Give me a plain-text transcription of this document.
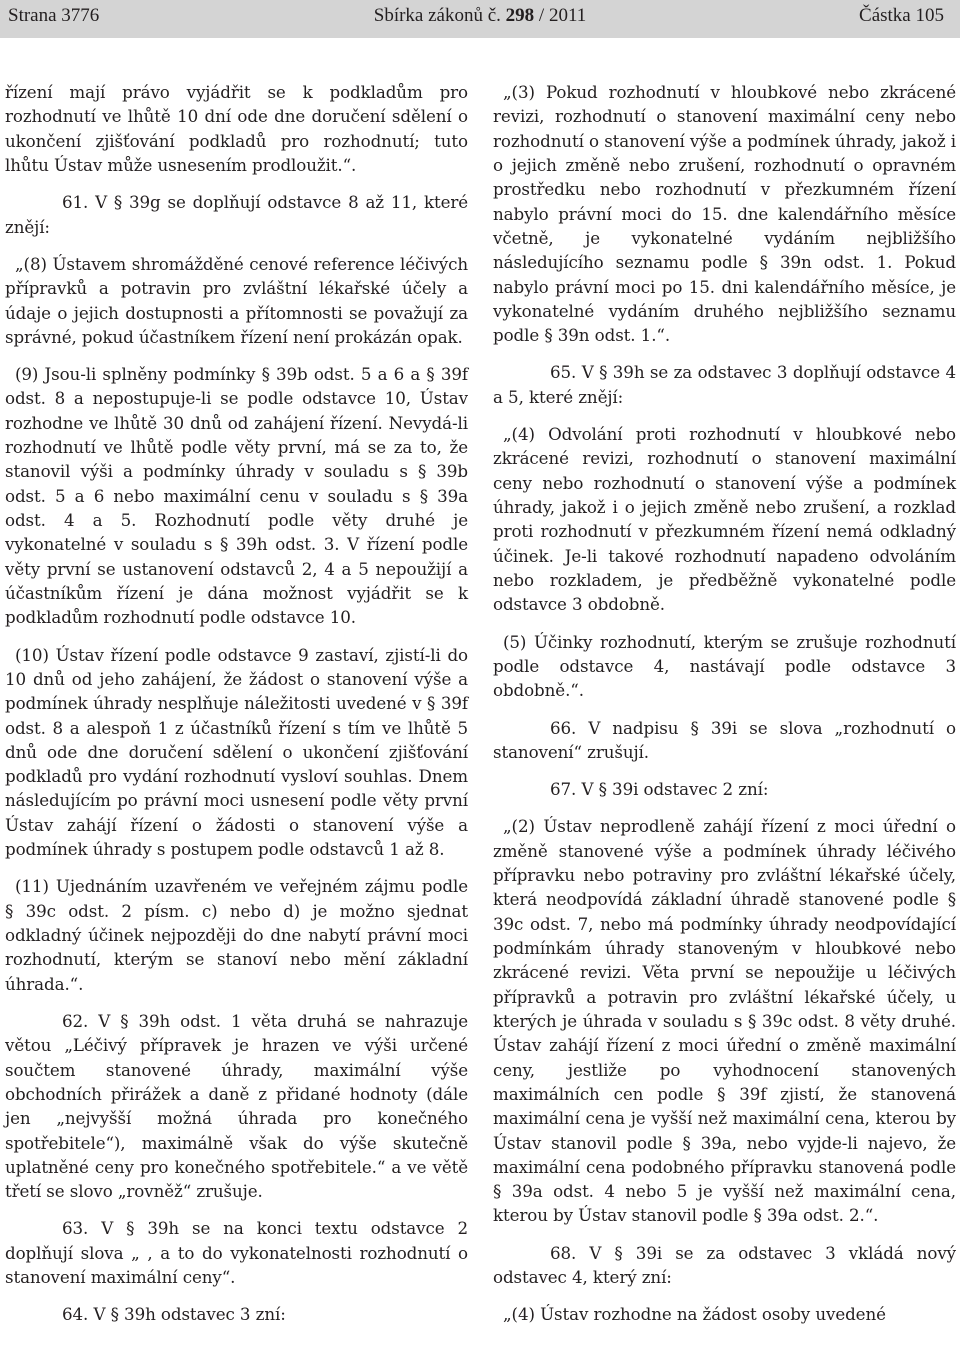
Strana 3776	Sbírka zákonů č. 298 / 2011	Částka 105

řízení mají právo vyjádřit se k podkladům pro rozhodnutí ve lhůtě 10 dní ode dne doručení sdělení o ukončení zjišťování podkladů pro rozhodnutí; tuto lhůtu Ústav může usnesením prodloužit.“.

61. V § 39g se doplňují odstavce 8 až 11, které znějí:

„(8) Ústavem shromážděné cenové reference léčivých přípravků a potravin pro zvláštní lékařské účely a údaje o jejich dostupnosti a přítomnosti se považují za správné, pokud účastníkem řízení není prokázán opak.

(9) Jsou-li splněny podmínky § 39b odst. 5 a 6 a § 39f odst. 8 a nepostupuje-li se podle odstavce 10, Ústav rozhodne ve lhůtě 30 dnů od zahájení řízení. Nevydá-li rozhodnutí ve lhůtě podle věty první, má se za to, že stanovil výši a podmínky úhrady v souladu s § 39b odst. 5 a 6 nebo maximální cenu v souladu s § 39a odst. 4 a 5. Rozhodnutí podle věty druhé je vykonatelné v souladu s § 39h odst. 3. V řízení podle věty první se ustanovení odstavců 2, 4 a 5 nepoužijí a účastníkům řízení je dána možnost vyjádřit se k podkladům rozhodnutí podle odstavce 10.

(10) Ústav řízení podle odstavce 9 zastaví, zjistí-li do 10 dnů od jeho zahájení, že žádost o stanovení výše a podmínek úhrady nesplňuje náležitosti uvedené v § 39f odst. 8 a alespoň 1 z účastníků řízení s tím ve lhůtě 5 dnů ode dne doručení sdělení o ukončení zjišťování podkladů pro vydání rozhodnutí vysloví souhlas. Dnem následujícím po právní moci usnesení podle věty první Ústav zahájí řízení o žádosti o stanovení výše a podmínek úhrady s postupem podle odstavců 1 až 8.

(11) Ujednáním uzavřeném ve veřejném zájmu podle § 39c odst. 2 písm. c) nebo d) je možno sjednat odkladný účinek nejpozději do dne nabytí právní moci rozhodnutí, kterým se stanoví nebo mění základní úhrada.“.

62. V § 39h odst. 1 věta druhá se nahrazuje větou „Léčivý přípravek je hrazen ve výši určené součtem stanovené úhrady, maximální výše obchodních přirážek a daně z přidané hodnoty (dále jen „nejvyšší možná úhrada pro konečného spotřebitele“), maximálně však do výše skutečně uplatněné ceny pro konečného spotřebitele.“ a ve větě třetí se slovo „rovněž“ zrušuje.

63. V § 39h se na konci textu odstavce 2 doplňují slova „ , a to do vykonatelnosti rozhodnutí o stanovení maximální ceny“.

64. V § 39h odstavec 3 zní:

„(3) Pokud rozhodnutí v hloubkové nebo zkrácené revizi, rozhodnutí o stanovení maximální ceny nebo rozhodnutí o stanovení výše a podmínek úhrady, jakož i o jejich změně nebo zrušení, rozhodnutí o opravném prostředku nebo rozhodnutí v přezkumném řízení nabylo právní moci do 15. dne kalendářního měsíce včetně, je vykonatelné vydáním nejbližšího následujícího seznamu podle § 39n odst. 1. Pokud nabylo právní moci po 15. dni kalendářního měsíce, je vykonatelné vydáním druhého nejbližšího seznamu podle § 39n odst. 1.“.

65. V § 39h se za odstavec 3 doplňují odstavce 4 a 5, které znějí:

„(4) Odvolání proti rozhodnutí v hloubkové nebo zkrácené revizi, rozhodnutí o stanovení maximální ceny nebo rozhodnutí o stanovení výše a podmínek úhrady, jakož i o jejich změně nebo zrušení, a rozklad proti rozhodnutí v přezkumném řízení nemá odkladný účinek. Je-li takové rozhodnutí napadeno odvoláním nebo rozkladem, je předběžně vykonatelné podle odstavce 3 obdobně.

(5) Účinky rozhodnutí, kterým se zrušuje rozhodnutí podle odstavce 4, nastávají podle odstavce 3 obdobně.“.

66. V nadpisu § 39i se slova „rozhodnutí o stanovení“ zrušují.

67. V § 39i odstavec 2 zní:

„(2) Ústav neprodleně zahájí řízení z moci úřední o změně stanovené výše a podmínek úhrady léčivého přípravku nebo potraviny pro zvláštní lékařské účely, která neodpovídá základní úhradě stanovené podle § 39c odst. 7, nebo má podmínky úhrady neodpovídající podmínkám úhrady stanoveným v hloubkové nebo zkrácené revizi. Věta první se nepoužije u léčivých přípravků a potravin pro zvláštní lékařské účely, u kterých je úhrada v souladu s § 39c odst. 8 věty druhé. Ústav zahájí řízení z moci úřední o změně maximální ceny, jestliže po vyhodnocení stanovených maximálních cen podle § 39f zjistí, že stanovená maximální cena je vyšší než maximální cena, kterou by Ústav stanovil podle § 39a, nebo vyjde-li najevo, že maximální cena podobného přípravku stanovená podle § 39a odst. 4 nebo 5 je vyšší než maximální cena, kterou by Ústav stanovil podle § 39a odst. 2.“.

68. V § 39i se za odstavec 3 vkládá nový odstavec 4, který zní:

„(4) Ústav rozhodne na žádost osoby uvedené
